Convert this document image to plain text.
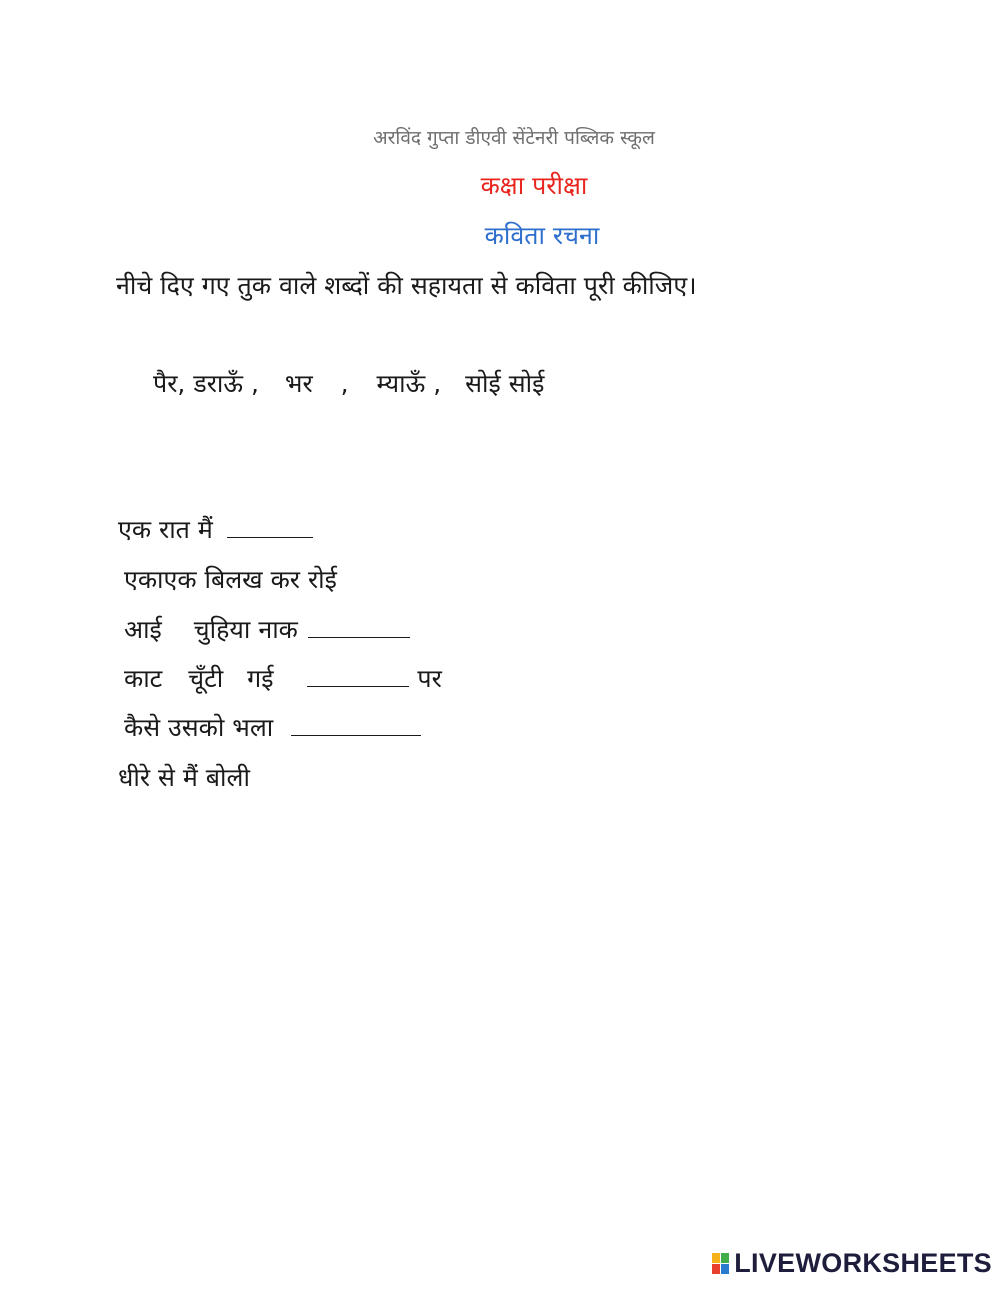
अरविंद गुप्ता डीएवी सेंटेनरी पब्लिक स्कूल
कक्षा परीक्षा
कविता रचना
नीचे दिए गए तुक वाले शब्दों की सहायता से कविता पूरी कीजिए।
पैर, डराऊँ , भर , म्याऊँ , सोई सोई
एक रात मैं
एकाएक बिलख कर रोई
आई चुहिया नाक
काट चूँटी गई	पर
कैसे उसको भला
धीरे से मैं बोली
LIVEWORKSHEETS
